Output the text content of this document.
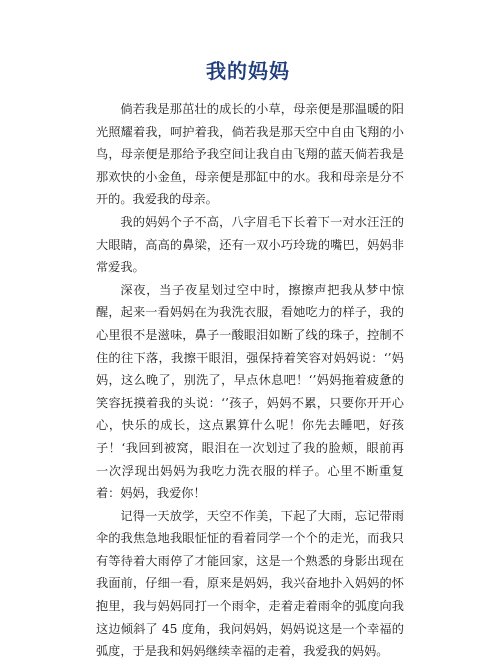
我的妈妈

倘若我是那茁壮的成长的小草，母亲便是那温暖的阳光照耀着我，呵护着我，倘若我是那天空中自由飞翔的小鸟，母亲便是那给予我空间让我自由飞翔的蓝天倘若我是那欢快的小金鱼，母亲便是那缸中的水。我和母亲是分不开的。我爱我的母亲。

我的妈妈个子不高，八字眉毛下长着下一对水汪汪的大眼睛，高高的鼻梁，还有一双小巧玲珑的嘴巴，妈妈非常爱我。

深夜，当子夜星划过空中时，擦擦声把我从梦中惊醒，起来一看妈妈在为我洗衣服，看她吃力的样子，我的心里很不是滋味，鼻子一酸眼泪如断了线的珠子，控制不住的往下落，我擦干眼泪，强保持着笑容对妈妈说：‘’妈妈，这么晚了，别洗了，早点休息吧！‘’妈妈拖着疲惫的笑容抚摸着我的头说：‘’孩子，妈妈不累，只要你开开心心，快乐的成长，这点累算什么呢！你先去睡吧，好孩子！‘我回到被窝，眼泪在一次划过了我的脸颊，眼前再一次浮现出妈妈为我吃力洗衣服的样子。心里不断重复着：妈妈，我爱你！

记得一天放学，天空不作美，下起了大雨，忘记带雨伞的我焦急地我眼怔怔的看着同学一个个的走光，而我只有等待着大雨停了才能回家，这是一个熟悉的身影出现在我面前，仔细一看，原来是妈妈，我兴奋地扑入妈妈的怀抱里，我与妈妈同打一个雨伞，走着走着雨伞的弧度向我这边倾斜了 45 度角，我问妈妈，妈妈说这是一个幸福的弧度，于是我和妈妈继续幸福的走着，我爱我的妈妈。
